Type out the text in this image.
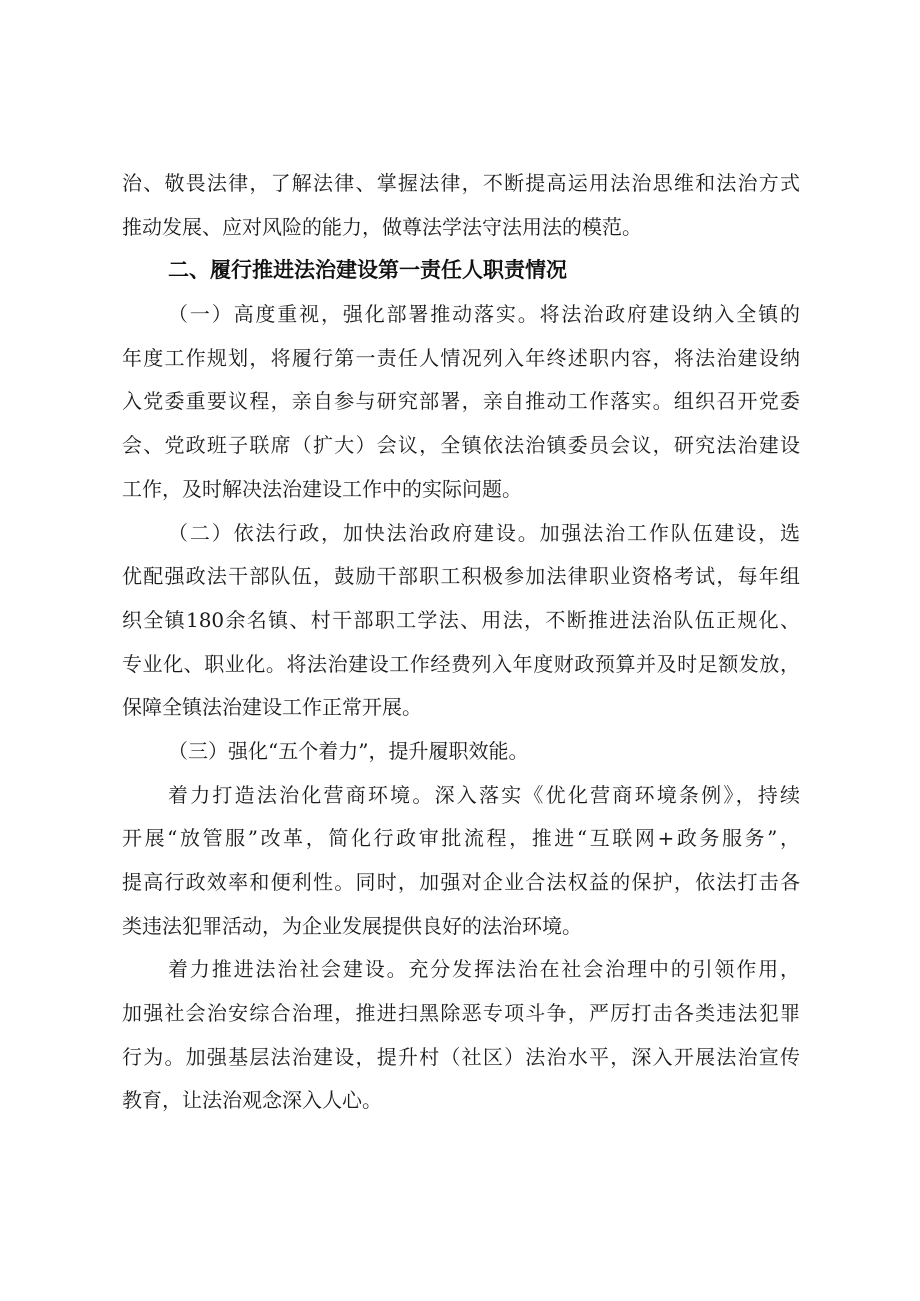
治、敬畏法律，了解法律、掌握法律，不断提高运用法治思维和法治方式
推动发展、应对风险的能力，做尊法学法守法用法的模范。
二、履行推进法治建设第一责任人职责情况
（一）高度重视，强化部署推动落实。将法治政府建设纳入全镇的
年度工作规划，将履行第一责任人情况列入年终述职内容，将法治建设纳
入党委重要议程，亲自参与研究部署，亲自推动工作落实。组织召开党委
会、党政班子联席（扩大）会议，全镇依法治镇委员会议，研究法治建设
工作，及时解决法治建设工作中的实际问题。
（二）依法行政，加快法治政府建设。加强法治工作队伍建设，选
优配强政法干部队伍，鼓励干部职工积极参加法律职业资格考试，每年组
织全镇180余名镇、村干部职工学法、用法，不断推进法治队伍正规化、
专业化、职业化。将法治建设工作经费列入年度财政预算并及时足额发放，
保障全镇法治建设工作正常开展。
（三）强化“五个着力”，提升履职效能。
着力打造法治化营商环境。深入落实《优化营商环境条例》，持续
开展“放管服”改革，简化行政审批流程，推进“互联网+政务服务”，
提高行政效率和便利性。同时，加强对企业合法权益的保护，依法打击各
类违法犯罪活动，为企业发展提供良好的法治环境。
着力推进法治社会建设。充分发挥法治在社会治理中的引领作用，
加强社会治安综合治理，推进扫黑除恶专项斗争，严厉打击各类违法犯罪
行为。加强基层法治建设，提升村（社区）法治水平，深入开展法治宣传
教育，让法治观念深入人心。
